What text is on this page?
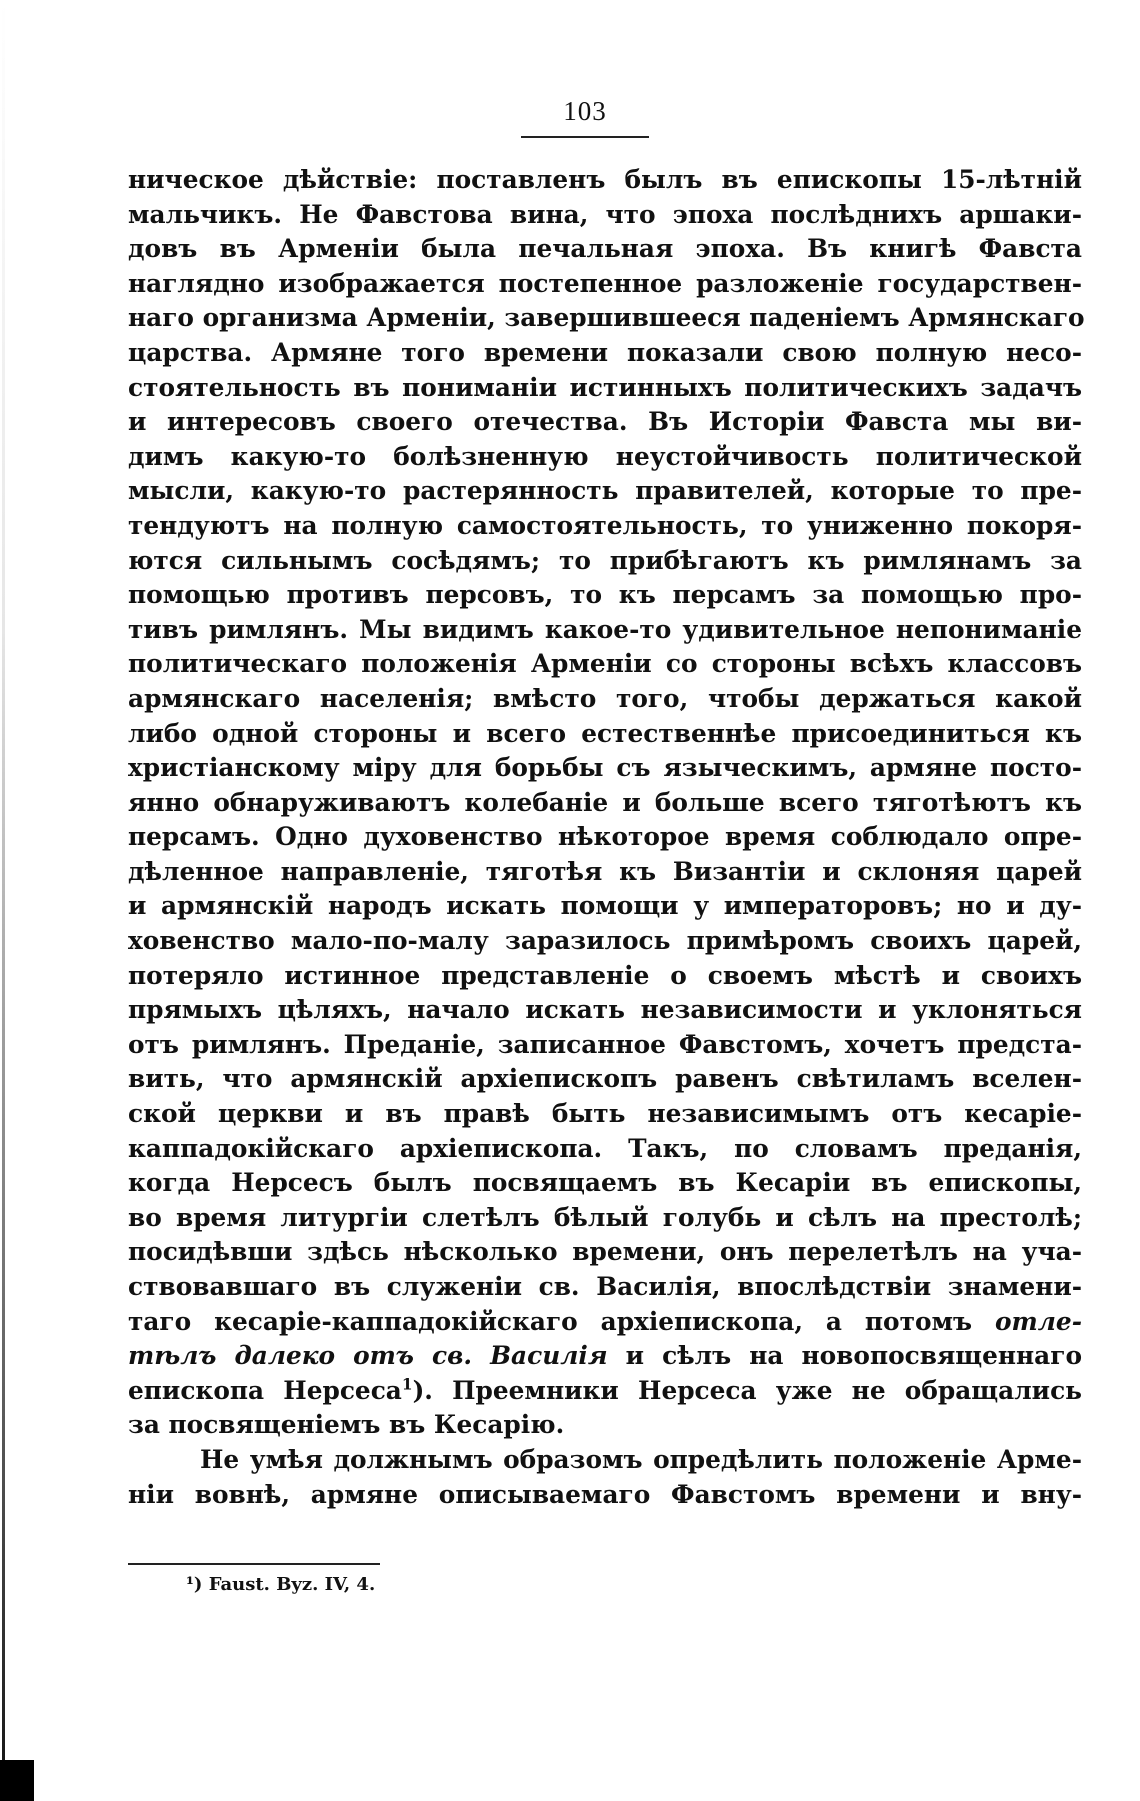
103
ническое дѣйствіе: поставленъ былъ въ епископы 15-лѣтній
мальчикъ. Не Фавстова вина, что эпоха послѣднихъ аршаки-
довъ въ Арменіи была печальная эпоха. Въ книгѣ Фавста
наглядно изображается постепенное разложеніе государствен-
наго организма Арменіи, завершившееся паденіемъ Армянскаго
царства. Армяне того времени показали свою полную несо-
стоятельность въ пониманіи истинныхъ политическихъ задачъ
и интересовъ своего отечества. Въ Исторіи Фавста мы ви-
димъ какую-то болѣзненную неустойчивость политической
мысли, какую-то растерянность правителей, которые то пре-
тендуютъ на полную самостоятельность, то униженно покоря-
ются сильнымъ сосѣдямъ; то прибѣгаютъ къ римлянамъ за
помощью противъ персовъ, то къ персамъ за помощью про-
тивъ римлянъ. Мы видимъ какое-то удивительное непониманіе
политическаго положенія Арменіи со стороны всѣхъ классовъ
армянскаго населенія; вмѣсто того, чтобы держаться какой
либо одной стороны и всего естественнѣе присоединиться къ
христіанскому міру для борьбы съ языческимъ, армяне посто-
янно обнаруживаютъ колебаніе и больше всего тяготѣютъ къ
персамъ. Одно духовенство нѣкоторое время соблюдало опре-
дѣленное направленіе, тяготѣя къ Византіи и склоняя царей
и армянскій народъ искать помощи у императоровъ; но и ду-
ховенство мало-по-малу заразилось примѣромъ своихъ царей,
потеряло истинное представленіе о своемъ мѣстѣ и своихъ
прямыхъ цѣляхъ, начало искать независимости и уклоняться
отъ римлянъ. Преданіе, записанное Фавстомъ, хочетъ предста-
вить, что армянскій архіепископъ равенъ свѣтиламъ вселен-
ской церкви и въ правѣ быть независимымъ отъ кесаріе-
каппадокійскаго архіепископа. Такъ, по словамъ преданія,
когда Нерсесъ былъ посвящаемъ въ Кесаріи въ епископы,
во время литургіи слетѣлъ бѣлый голубь и сѣлъ на престолѣ;
посидѣвши здѣсь нѣсколько времени, онъ перелетѣлъ на уча-
ствовавшаго въ служеніи св. Василія, впослѣдствіи знамени-
таго кесаріе-каппадокійскаго архіепископа, а потомъ отле-
тѣлъ далеко отъ св. Василія и сѣлъ на новопосвященнаго
епископа Нерсеса$^1$). Преемники Нерсеса уже не обращались
за посвященіемъ въ Кесарію.
Не умѣя должнымъ образомъ опредѣлить положеніе Арме-
ніи вовнѣ, армяне описываемаго Фавстомъ времени и вну-
¹) Faust. Byz. IV, 4.
